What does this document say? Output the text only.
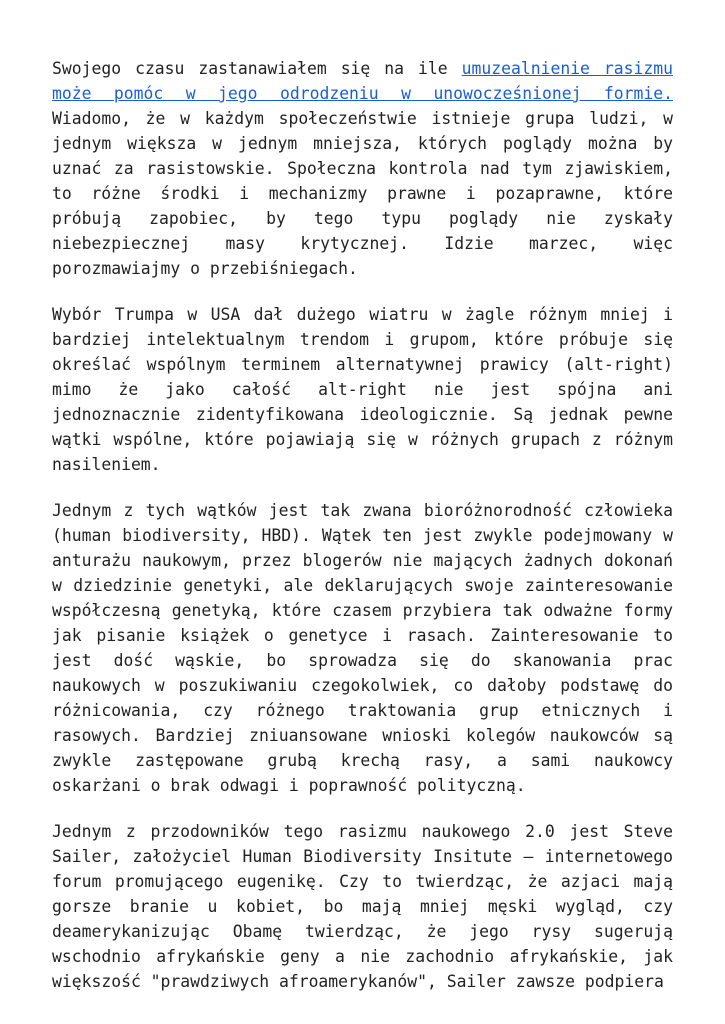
Swojego czasu zastanawiałem się na ile umuzealnienie rasizmu może pomóc w jego odrodzeniu w unowocześnionej formie. Wiadomo, że w każdym społeczeństwie istnieje grupa ludzi, w jednym większa w jednym mniejsza, których poglądy można by uznać za rasistowskie. Społeczna kontrola nad tym zjawiskiem, to różne środki i mechanizmy prawne i pozaprawne, które próbują zapobiec, by tego typu poglądy nie zyskały niebezpiecznej masy krytycznej. Idzie marzec, więc porozmawiajmy o przebiśniegach.

Wybór Trumpa w USA dał dużego wiatru w żagle różnym mniej i bardziej intelektualnym trendom i grupom, które próbuje się określać wspólnym terminem alternatywnej prawicy (alt-right) mimo że jako całość alt-right nie jest spójna ani jednoznacznie zidentyfikowana ideologicznie. Są jednak pewne wątki wspólne, które pojawiają się w różnych grupach z różnym nasileniem.

Jednym z tych wątków jest tak zwana bioróżnorodność człowieka (human biodiversity, HBD). Wątek ten jest zwykle podejmowany w anturażu naukowym, przez blogerów nie mających żadnych dokonań w dziedzinie genetyki, ale deklarujących swoje zainteresowanie współczesną genetyką, które czasem przybiera tak odważne formy jak pisanie książek o genetyce i rasach. Zainteresowanie to jest dość wąskie, bo sprowadza się do skanowania prac naukowych w poszukiwaniu czegokolwiek, co dałoby podstawę do różnicowania, czy różnego traktowania grup etnicznych i rasowych. Bardziej zniuansowane wnioski kolegów naukowców są zwykle zastępowane grubą krechą rasy, a sami naukowcy oskarżani o brak odwagi i poprawność polityczną.

Jednym z przodowników tego rasizmu naukowego 2.0 jest Steve Sailer, założyciel Human Biodiversity Insitute – internetowego forum promującego eugenikę. Czy to twierdząc, że azjaci mają gorsze branie u kobiet, bo mają mniej męski wygląd, czy deamerykanizując Obamę twierdząc, że jego rysy sugerują wschodnio afrykańskie geny a nie zachodnio afrykańskie, jak większość "prawdziwych afroamerykanów", Sailer zawsze podpiera
